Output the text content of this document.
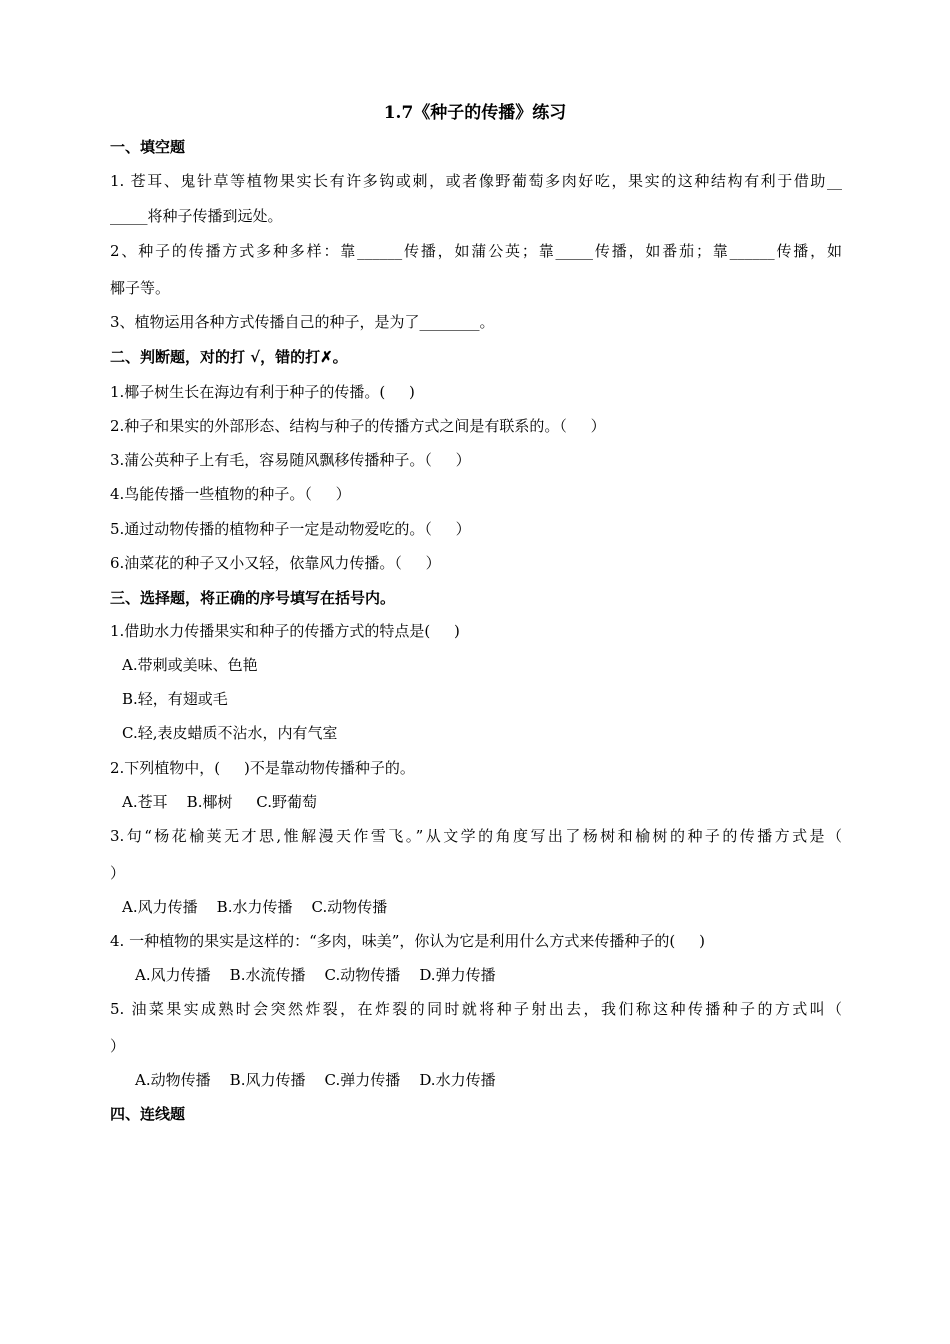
1.7《种子的传播》练习
一、填空题
1. 苍耳、鬼针草等植物果实长有许多钩或刺，或者像野葡萄多肉好吃，果实的这种结构有利于借助__
_____将种子传播到远处。
2、种子的传播方式多种多样：靠______传播，如蒲公英；靠_____传播，如番茄；靠______传播，如
椰子等。
3、植物运用各种方式传播自己的种子，是为了________。
二、判断题，对的打 √，错的打✗。
1.椰子树生长在海边有利于种子的传播。(     )
2.种子和果实的外部形态、结构与种子的传播方式之间是有联系的。（     ）
3.蒲公英种子上有毛，容易随风飘移传播种子。（     ）
4.鸟能传播一些植物的种子。（     ）
5.通过动物传播的植物种子一定是动物爱吃的。（     ）
6.油菜花的种子又小又轻，依靠风力传播。（     ）
三、选择题，将正确的序号填写在括号内。
1.借助水力传播果实和种子的传播方式的特点是(     )
A.带刺或美味、色艳
B.轻，有翅或毛
C.轻,表皮蜡质不沾水，内有气室
2.下列植物中，(     )不是靠动物传播种子的。
A.苍耳    B.椰树     C.野葡萄
3.句“杨花榆荚无才思,惟解漫天作雪飞。”从文学的角度写出了杨树和榆树的种子的传播方式是（
）
A.风力传播    B.水力传播    C.动物传播
4. 一种植物的果实是这样的：“多肉，味美”，你认为它是利用什么方式来传播种子的(     )
A.风力传播    B.水流传播    C.动物传播    D.弹力传播
5. 油菜果实成熟时会突然炸裂，在炸裂的同时就将种子射出去，我们称这种传播种子的方式叫（
）
A.动物传播    B.风力传播    C.弹力传播    D.水力传播
四、连线题
